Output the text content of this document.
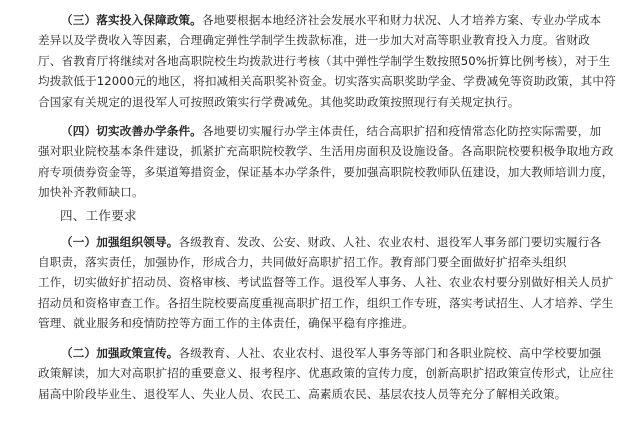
（三）落实投入保障政策。各地要根据本地经济社会发展水平和财力状况、人才培养方案、专业办学成本
差异以及学费收入等因素，合理确定弹性学制学生拨款标准，进一步加大对高等职业教育投入力度。省财政
厅、省教育厅将继续对各地高职院校生均拨款进行考核（其中弹性学制学生数按照50%折算比例考核），对于生
均拨款低于12000元的地区，将扣减相关高职奖补资金。切实落实高职奖助学金、学费减免等资助政策，其中符
合国家有关规定的退役军人可按照政策实行学费减免。其他奖助政策按照现行有关规定执行。
（四）切实改善办学条件。各地要切实履行办学主体责任，结合高职扩招和疫情常态化防控实际需要，加
强对职业院校基本条件建设，抓紧扩充高职院校教学、生活用房面积及设施设备。各高职院校要积极争取地方政
府专项债券资金等，多渠道筹措资金，保证基本办学条件，要加强高职院校教师队伍建设，加大教师培训力度，
加快补齐教师缺口。
四、工作要求
（一）加强组织领导。各级教育、发改、公安、财政、人社、农业农村、退役军人事务部门要切实履行各
自职责，落实责任，加强协作，形成合力，共同做好高职扩招工作。教育部门要全面做好扩招牵头组织
工作，切实做好扩招动员、资格审核、考试监督等工作。退役军人事务、人社、农业农村要分别做好相关人员扩
招动员和资格审查工作。各招生院校要高度重视高职扩招工作，组织工作专班，落实考试招生、人才培养、学生
管理、就业服务和疫情防控等方面工作的主体责任，确保平稳有序推进。
（二）加强政策宣传。各级教育、人社、农业农村、退役军人事务等部门和各职业院校、高中学校要加强
政策解读，加大对高职扩招的重要意义、报考程序、优惠政策的宣传力度，创新高职扩招政策宣传形式，让应往
届高中阶段毕业生、退役军人、失业人员、农民工、高素质农民、基层农技人员等充分了解相关政策。
